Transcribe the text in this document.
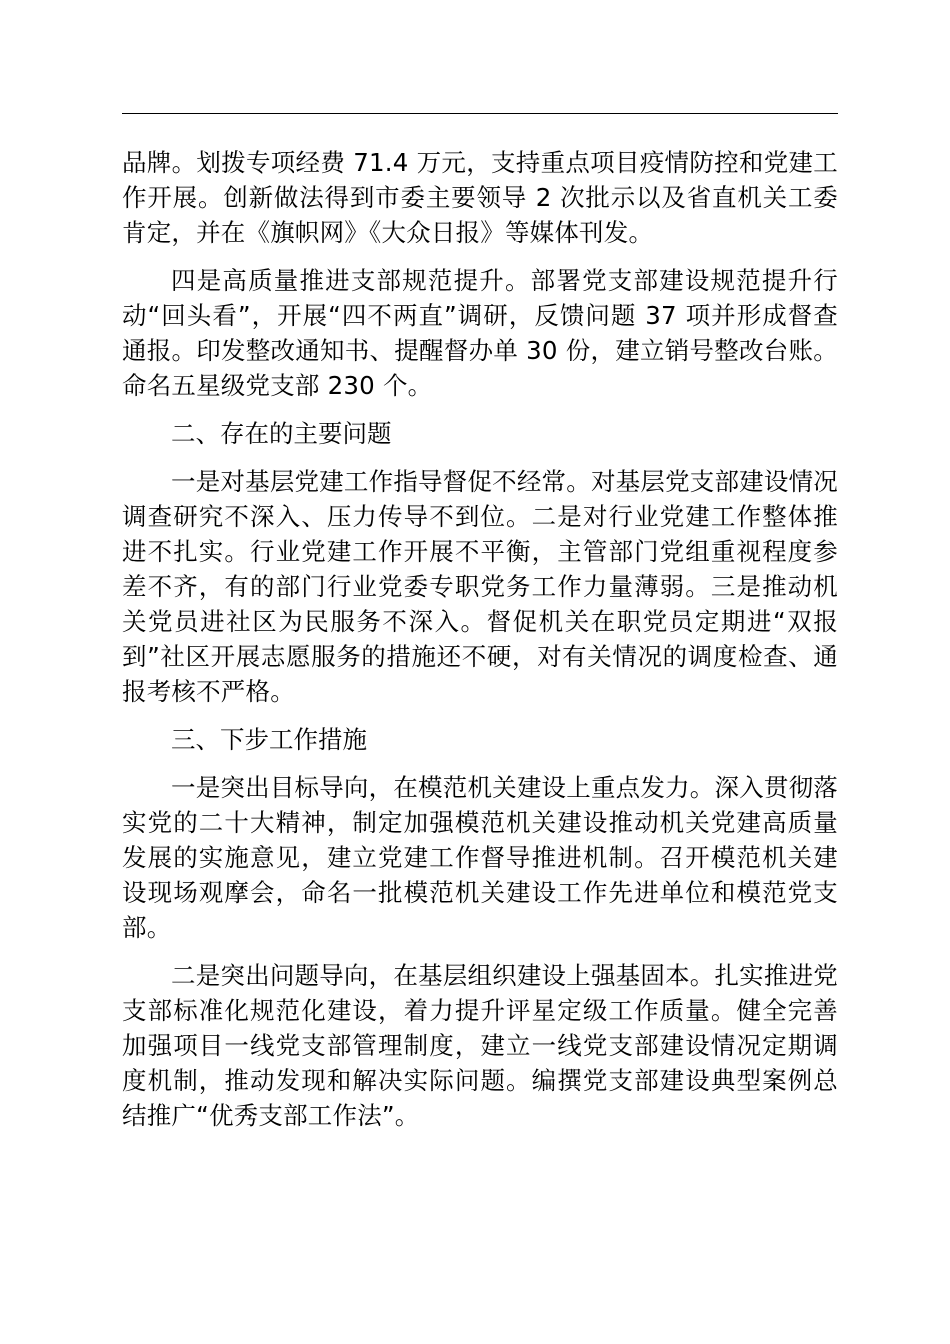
品牌。划拨专项经费 71.4 万元，支持重点项目疫情防控和党建工作开展。创新做法得到市委主要领导 2 次批示以及省直机关工委肯定，并在《旗帜网》《大众日报》等媒体刊发。

四是高质量推进支部规范提升。部署党支部建设规范提升行动“回头看”，开展“四不两直”调研，反馈问题 37 项并形成督查通报。印发整改通知书、提醒督办单 30 份，建立销号整改台账。命名五星级党支部 230 个。

二、存在的主要问题

一是对基层党建工作指导督促不经常。对基层党支部建设情况调查研究不深入、压力传导不到位。二是对行业党建工作整体推进不扎实。行业党建工作开展不平衡，主管部门党组重视程度参差不齐，有的部门行业党委专职党务工作力量薄弱。三是推动机关党员进社区为民服务不深入。督促机关在职党员定期进“双报到”社区开展志愿服务的措施还不硬，对有关情况的调度检查、通报考核不严格。

三、下步工作措施

一是突出目标导向，在模范机关建设上重点发力。深入贯彻落实党的二十大精神，制定加强模范机关建设推动机关党建高质量发展的实施意见，建立党建工作督导推进机制。召开模范机关建设现场观摩会，命名一批模范机关建设工作先进单位和模范党支部。

二是突出问题导向，在基层组织建设上强基固本。扎实推进党支部标准化规范化建设，着力提升评星定级工作质量。健全完善加强项目一线党支部管理制度，建立一线党支部建设情况定期调度机制，推动发现和解决实际问题。编撰党支部建设典型案例总结推广“优秀支部工作法”。
